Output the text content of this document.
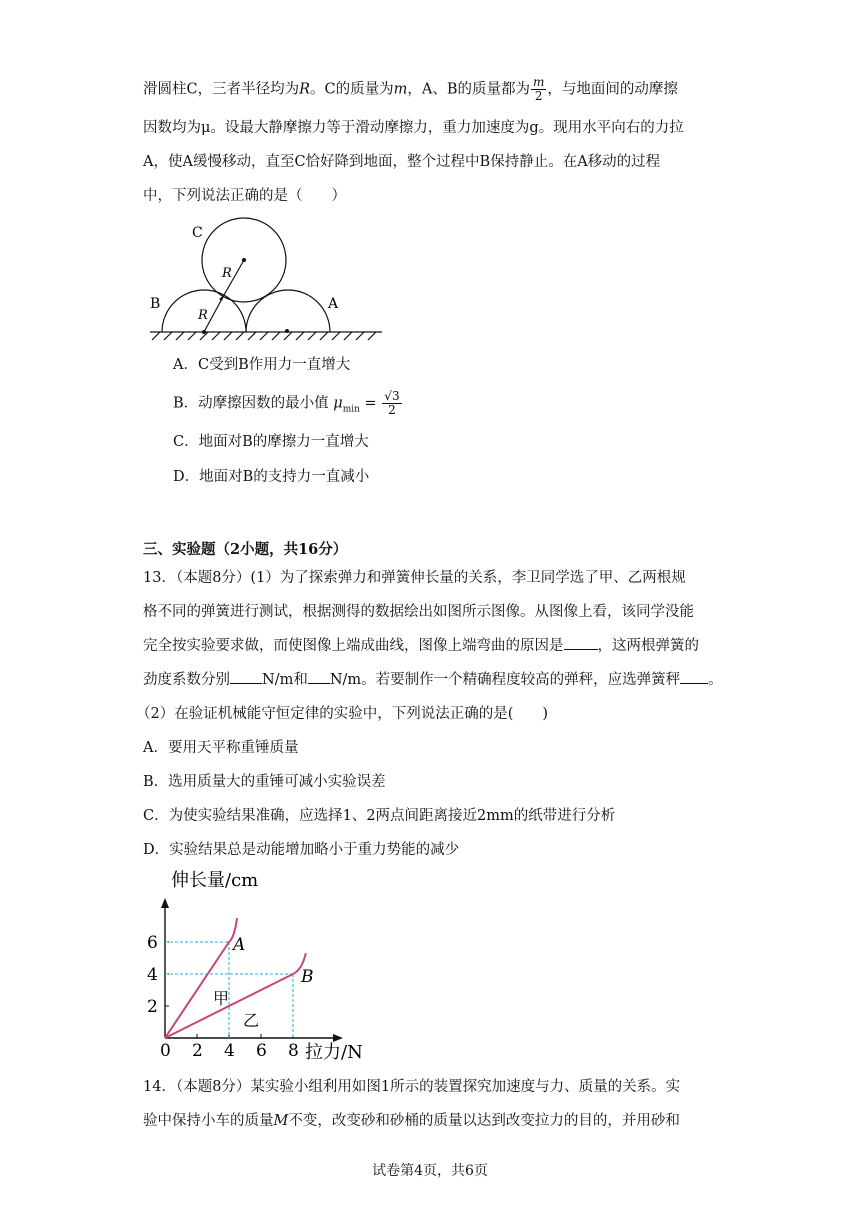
滑圆柱C，三者半径均为R。C的质量为m，A、B的质量都为 $\frac{m}{2}$ ，与地面间的动摩擦
因数均为μ。设最大静摩擦力等于滑动摩擦力，重力加速度为g。现用水平向右的力拉
A，使A缓慢移动，直至C恰好降到地面，整个过程中B保持静止。在A移动的过程
中，下列说法正确的是（　　）
C
B	A
R
R
A．C受到B作用力一直增大
B．动摩擦因数的最小值 $\mu_{min} = \frac{√3}{2}$
C．地面对B的摩擦力一直增大
D．地面对B的支持力一直减小
三、实验题（2小题，共16分）
13．（本题8分）(1）为了探索弹力和弹簧伸长量的关系，李卫同学选了甲、乙两根规
格不同的弹簧进行测试，根据测得的数据绘出如图所示图像。从图像上看，该同学没能
完全按实验要求做，而使图像上端成曲线，图像上端弯曲的原因是 ，这两根弹簧的
劲度系数分别 N/m和 N/m。若要制作一个精确程度较高的弹秤，应选弹簧秤 。
（2）在验证机械能守恒定律的实验中，下列说法正确的是(　　)
A．要用天平称重锤质量
B．选用质量大的重锤可减小实验误差
C．为使实验结果准确，应选择1、2两点间距离接近2mm的纸带进行分析
D．实验结果总是动能增加略小于重力势能的减少
0 2 4 6 8
2
4
6
伸长量/cm
拉力/N
A
甲
B
乙
14．（本题8分）某实验小组利用如图1所示的装置探究加速度与力、质量的关系。实
验中保持小车的质量M不变，改变砂和砂桶的质量以达到改变拉力的目的，并用砂和
试卷第4页，共6页
